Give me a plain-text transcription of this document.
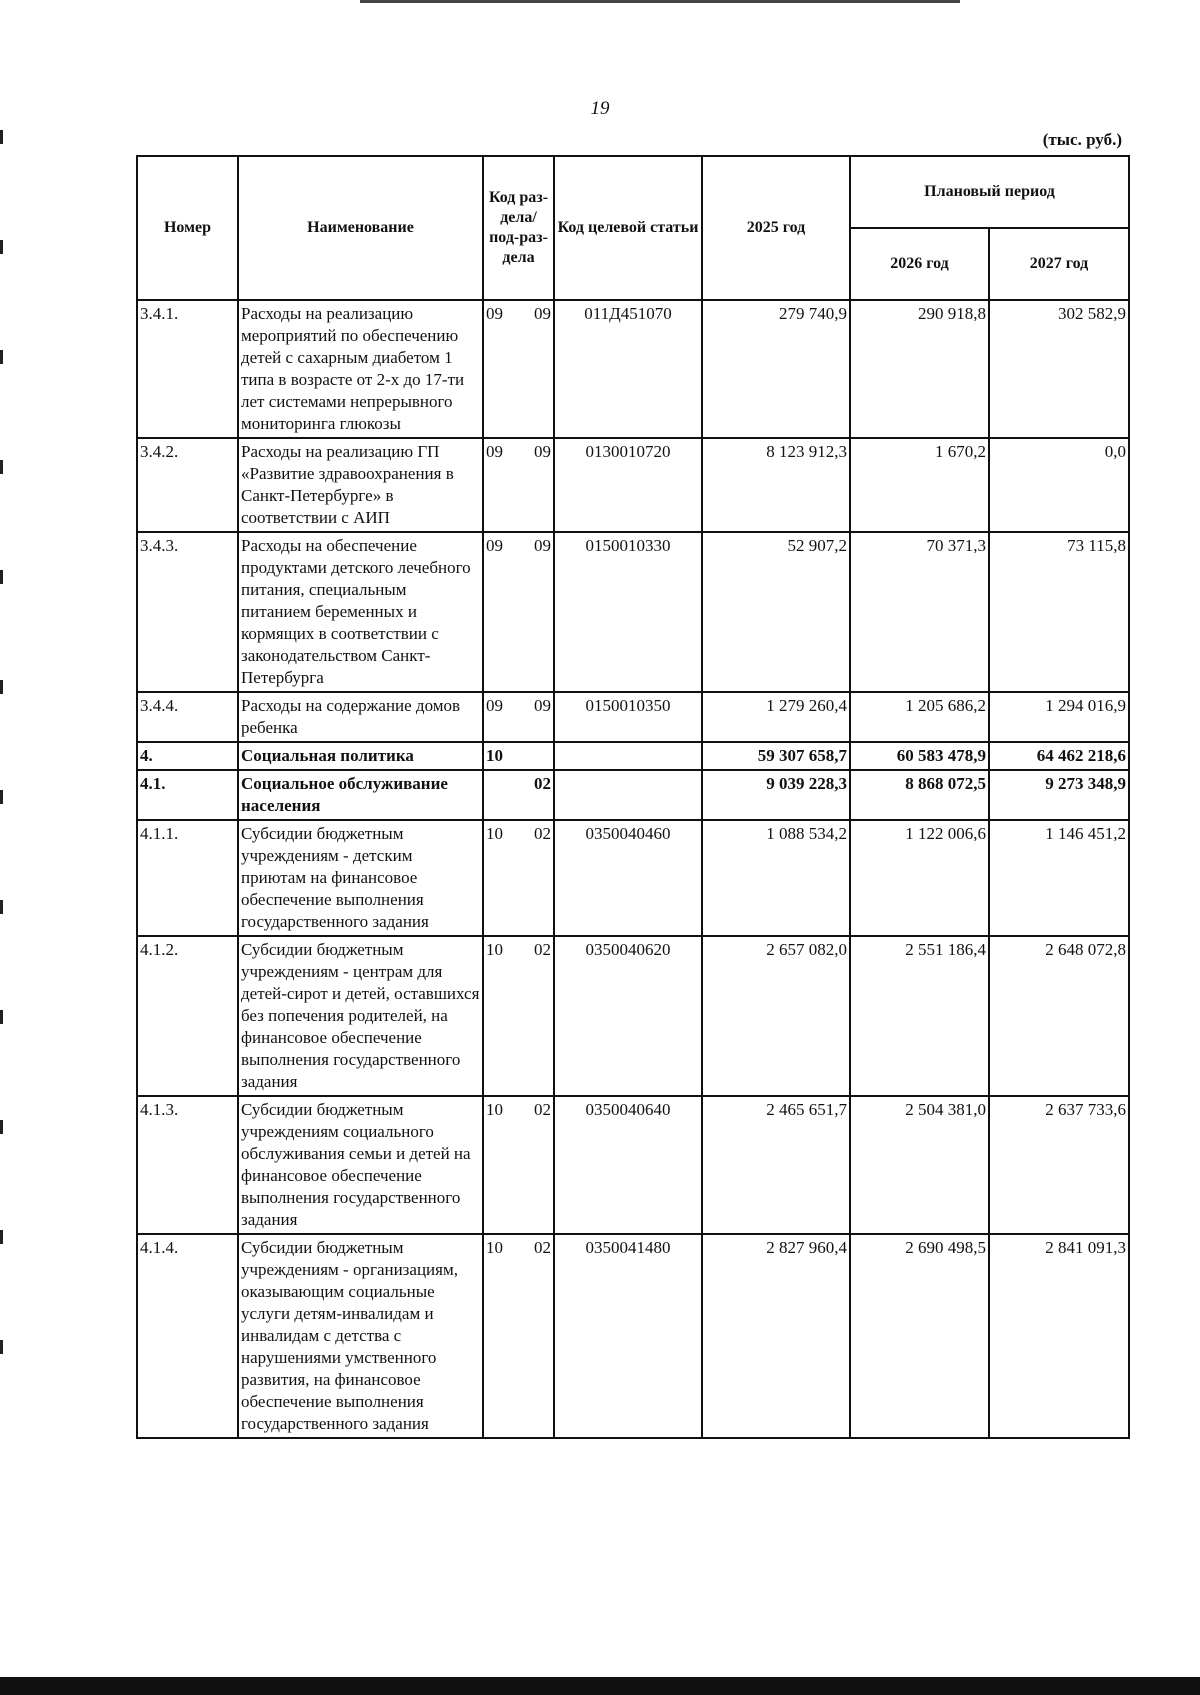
19
(тыс. руб.)
Номер	Наименование	Код раз-дела/ под-раз-дела		Код целевой статьи	2025 год	Плановый период	
						2026 год	2027 год
3.4.1.	Расходы на реализацию мероприятий по обеспечению детей с сахарным диабетом 1 типа в возрасте от 2-х до 17-ти лет системами непрерывного мониторинга глюкозы	09	09	011Д451070	279 740,9	290 918,8	302 582,9
3.4.2.	Расходы на реализацию ГП «Развитие здравоохранения в Санкт-Петербурге» в соответствии с АИП	09	09	0130010720	8 123 912,3	1 670,2	0,0
3.4.3.	Расходы на обеспечение продуктами детского лечебного питания, специальным питанием беременных и кормящих в соответствии с законодательством Санкт-Петербурга	09	09	0150010330	52 907,2	70 371,3	73 115,8
3.4.4.	Расходы на содержание домов ребенка	09	09	0150010350	1 279 260,4	1 205 686,2	1 294 016,9
4.	Социальная политика	10			59 307 658,7	60 583 478,9	64 462 218,6
4.1.	Социальное обслуживание населения		02		9 039 228,3	8 868 072,5	9 273 348,9
4.1.1.	Субсидии бюджетным учреждениям - детским приютам на финансовое обеспечение выполнения государственного задания	10	02	0350040460	1 088 534,2	1 122 006,6	1 146 451,2
4.1.2.	Субсидии бюджетным учреждениям - центрам для детей-сирот и детей, оставшихся без попечения родителей, на финансовое обеспечение выполнения государственного задания	10	02	0350040620	2 657 082,0	2 551 186,4	2 648 072,8
4.1.3.	Субсидии бюджетным учреждениям социального обслуживания семьи и детей на финансовое обеспечение выполнения государственного задания	10	02	0350040640	2 465 651,7	2 504 381,0	2 637 733,6
4.1.4.	Субсидии бюджетным учреждениям - организациям, оказывающим социальные услуги детям-инвалидам и инвалидам с детства с нарушениями умственного развития, на финансовое обеспечение выполнения государственного задания	10	02	0350041480	2 827 960,4	2 690 498,5	2 841 091,3
